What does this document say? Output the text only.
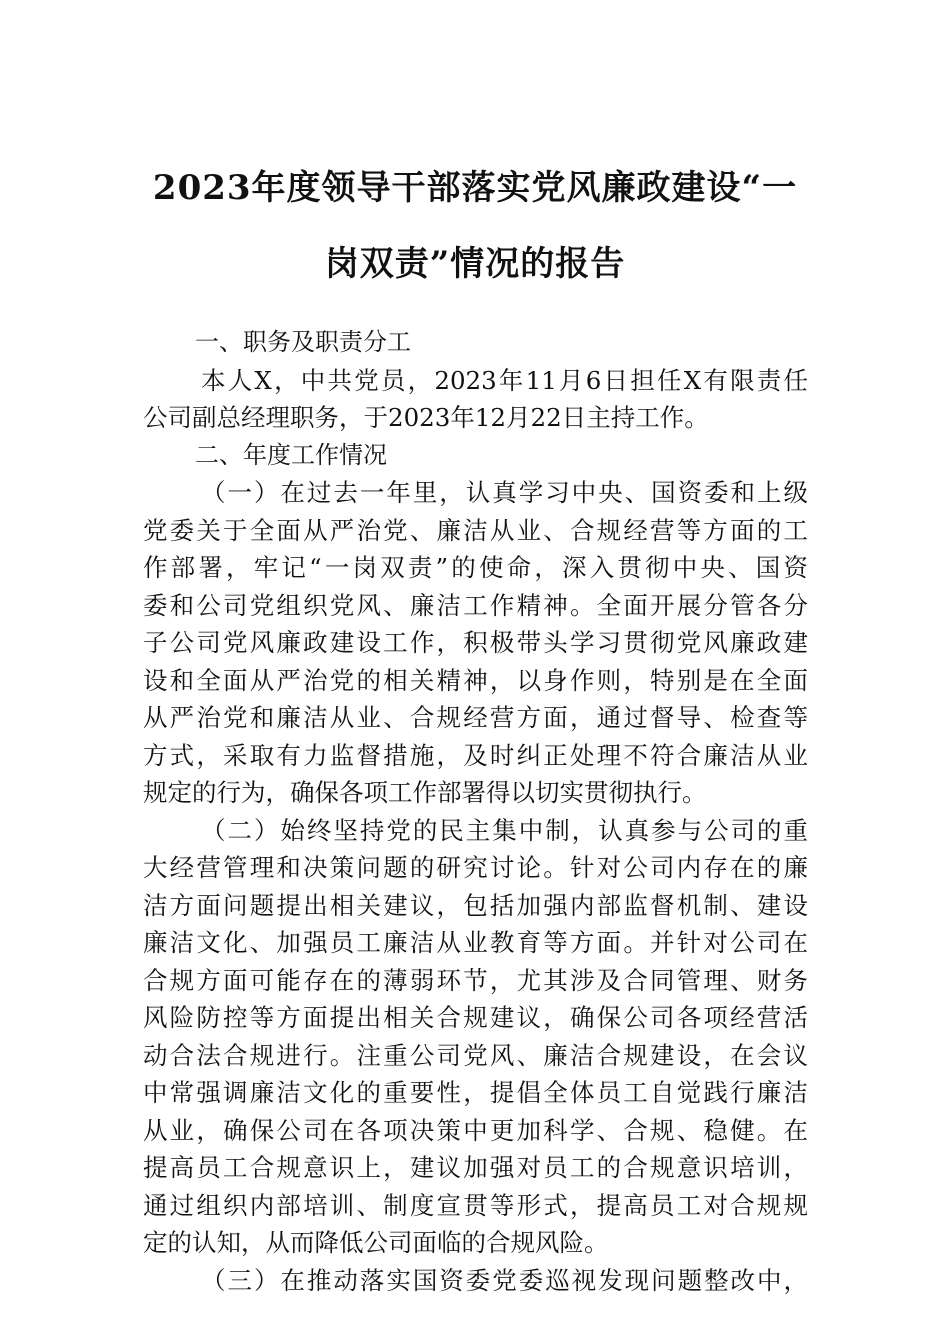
2023年度领导干部落实党风廉政建设“一
岗双责”情况的报告
一、职务及职责分工

本人X，中共党员，2023年11月6日担任X有限责任
公司副总经理职务，于2023年12月22日主持工作。

二、年度工作情况

（一）在过去一年里，认真学习中央、国资委和上级
党委关于全面从严治党、廉洁从业、合规经营等方面的工
作部署，牢记“一岗双责”的使命，深入贯彻中央、国资
委和公司党组织党风、廉洁工作精神。全面开展分管各分
子公司党风廉政建设工作，积极带头学习贯彻党风廉政建
设和全面从严治党的相关精神，以身作则，特别是在全面
从严治党和廉洁从业、合规经营方面，通过督导、检查等
方式，采取有力监督措施，及时纠正处理不符合廉洁从业
规定的行为，确保各项工作部署得以切实贯彻执行。

（二）始终坚持党的民主集中制，认真参与公司的重
大经营管理和决策问题的研究讨论。针对公司内存在的廉
洁方面问题提出相关建议，包括加强内部监督机制、建设
廉洁文化、加强员工廉洁从业教育等方面。并针对公司在
合规方面可能存在的薄弱环节，尤其涉及合同管理、财务
风险防控等方面提出相关合规建议，确保公司各项经营活
动合法合规进行。注重公司党风、廉洁合规建设，在会议
中常强调廉洁文化的重要性，提倡全体员工自觉践行廉洁
从业，确保公司在各项决策中更加科学、合规、稳健。在
提高员工合规意识上，建议加强对员工的合规意识培训，
通过组织内部培训、制度宣贯等形式，提高员工对合规规
定的认知，从而降低公司面临的合规风险。

（三）在推动落实国资委党委巡视发现问题整改中，
